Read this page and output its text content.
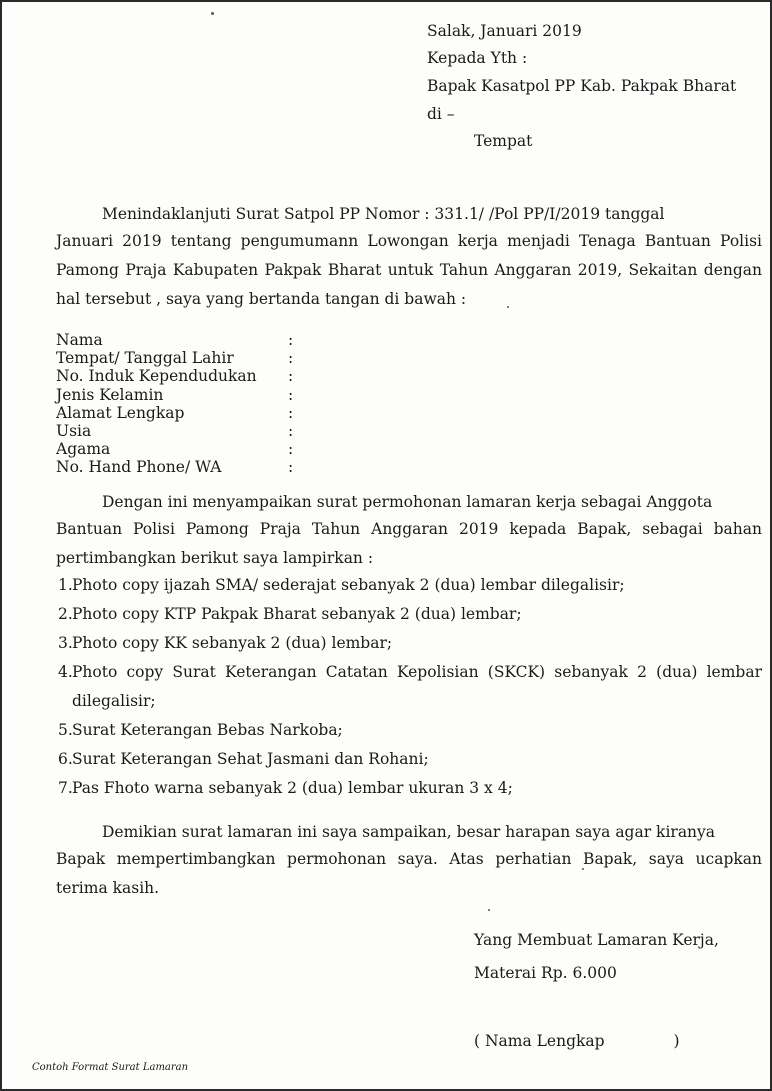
Salak, Januari 2019
Kepada Yth :
Bapak Kasatpol PP Kab. Pakpak Bharat
di –
Tempat
Menindaklanjuti Surat Satpol PP Nomor : 331.1/ /Pol PP/I/2019 tanggal
Januari 2019 tentang pengumumann Lowongan kerja menjadi Tenaga Bantuan Polisi Pamong Praja Kabupaten Pakpak Bharat untuk Tahun Anggaran 2019, Sekaitan dengan hal tersebut , saya yang bertanda tangan di bawah :
Nama	:
Tempat/ Tanggal Lahir	:
No. Induk Kependudukan :
Jenis Kelamin	:
Alamat Lengkap	:
Usia	:
Agama	:
No. Hand Phone/ WA	:
Dengan ini menyampaikan surat permohonan lamaran kerja sebagai Anggota
Bantuan Polisi Pamong Praja Tahun Anggaran 2019 kepada Bapak, sebagai bahan pertimbangkan berikut saya lampirkan :
1. Photo copy ijazah SMA/ sederajat sebanyak 2 (dua) lembar dilegalisir;
2. Photo copy KTP Pakpak Bharat sebanyak 2 (dua) lembar;
3. Photo copy KK sebanyak 2 (dua) lembar;
4. Photo copy Surat Keterangan Catatan Kepolisian (SKCK) sebanyak 2 (dua) lembar dilegalisir;
5. Surat Keterangan Bebas Narkoba;
6. Surat Keterangan Sehat Jasmani dan Rohani;
7. Pas Fhoto warna sebanyak 2 (dua) lembar ukuran 3 x 4;
Demikian surat lamaran ini saya sampaikan, besar harapan saya agar kiranya
Bapak mempertimbangkan permohonan saya. Atas perhatian Bapak, saya ucapkan terima kasih.
Yang Membuat Lamaran Kerja,
Materai Rp. 6.000
( Nama Lengkap              )
Contoh Format Surat Lamaran
